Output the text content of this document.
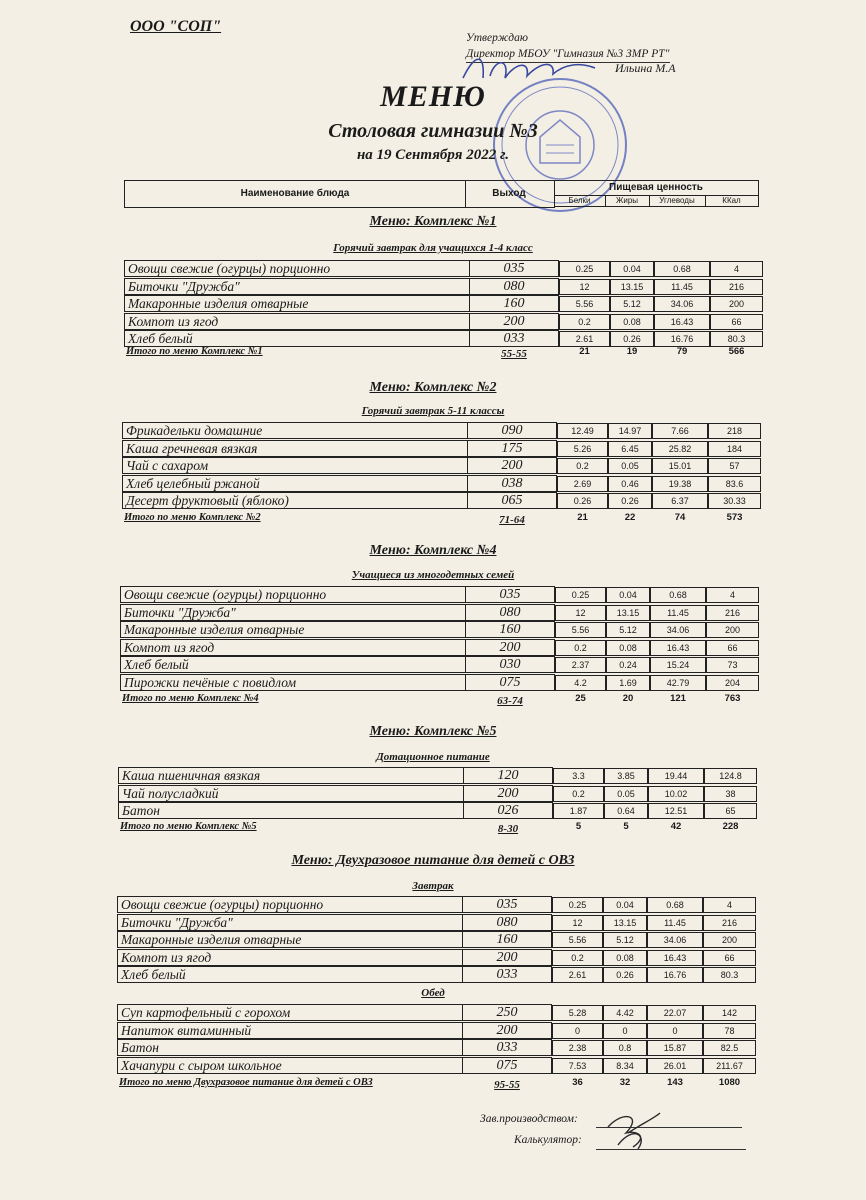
ООО "СОП"
Утверждаю
Директор МБОУ "Гимназия №3 ЗМР РТ"
Ильина М.А
МЕНЮ
Столовая гимназии №3
на 19 Сентября 2022 г.
Наименование блюда	Выход
Пищевая ценность
Белки	Жиры	Углеводы	ККал
Меню: Комплекс №1
Горячий завтрак для учащихся 1-4 класс
Овощи свежие (огурцы) порционно	035	0.25	0.04	0.68	4
Биточки "Дружба"	080	12	13.15	11.45	216
Макаронные изделия отварные	160	5.56	5.12	34.06	200
Компот из ягод	200	0.2	0.08	16.43	66
Хлеб белый	033	2.61	0.26	16.76	80.3
Итого по меню Комплекс №1	55-55	21	19	79	566
Меню: Комплекс №2
Горячий завтрак 5-11 классы
Фрикадельки домашние	090	12.49	14.97	7.66	218
Каша гречневая вязкая	175	5.26	6.45	25.82	184
Чай с сахаром	200	0.2	0.05	15.01	57
Хлеб целебный ржаной	038	2.69	0.46	19.38	83.6
Десерт фруктовый (яблоко)	065	0.26	0.26	6.37	30.33
Итого по меню Комплекс №2	71-64	21	22	74	573
Меню: Комплекс №4
Учащиеся из многодетных семей
Овощи свежие (огурцы) порционно	035	0.25	0.04	0.68	4
Биточки "Дружба"	080	12	13.15	11.45	216
Макаронные изделия отварные	160	5.56	5.12	34.06	200
Компот из ягод	200	0.2	0.08	16.43	66
Хлеб белый	030	2.37	0.24	15.24	73
Пирожки печёные с повидлом	075	4.2	1.69	42.79	204
Итого по меню Комплекс №4	63-74	25	20	121	763
Меню: Комплекс №5
Дотационное питание
Каша пшеничная вязкая	120	3.3	3.85	19.44	124.8
Чай полусладкий	200	0.2	0.05	10.02	38
Батон	026	1.87	0.64	12.51	65
Итого по меню Комплекс №5	8-30	5	5	42	228
Меню: Двухразовое питание для детей с ОВЗ
Завтрак
Овощи свежие (огурцы) порционно	035	0.25	0.04	0.68	4
Биточки "Дружба"	080	12	13.15	11.45	216
Макаронные изделия отварные	160	5.56	5.12	34.06	200
Компот из ягод	200	0.2	0.08	16.43	66
Хлеб белый	033	2.61	0.26	16.76	80.3
Обед
Суп картофельный с горохом	250	5.28	4.42	22.07	142
Напиток витаминный	200	0	0	0	78
Батон	033	2.38	0.8	15.87	82.5
Хачапури с сыром школьное	075	7.53	8.34	26.01	211.67
Итого по меню Двухразовое питание для детей с ОВЗ	95-55	36	32	143	1080
Зав.производством:
Калькулятор:
